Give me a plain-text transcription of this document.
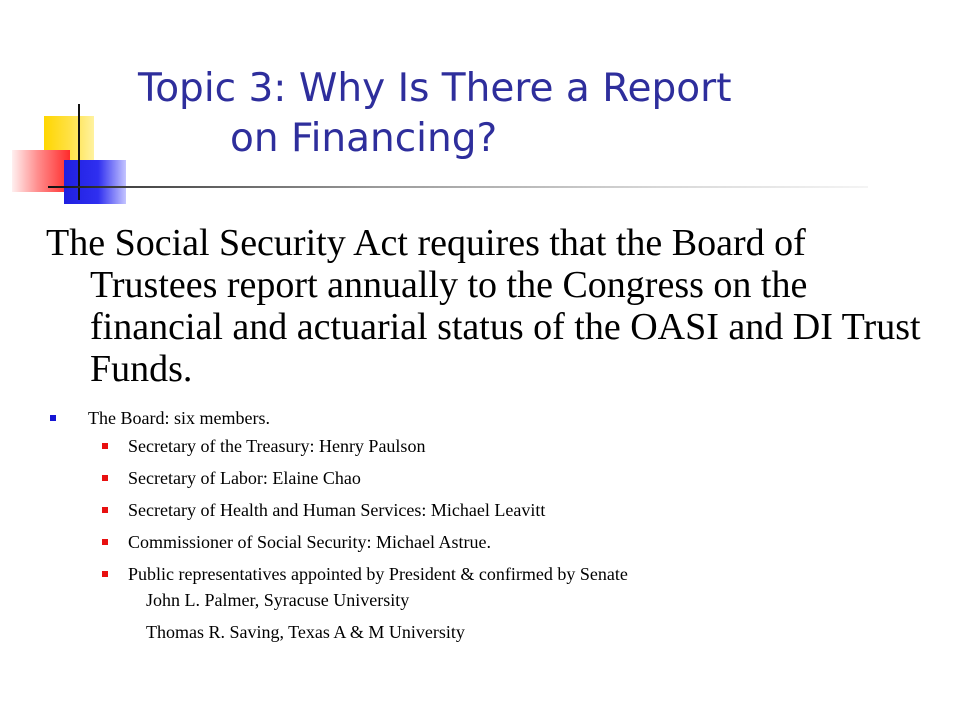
Topic 3: Why Is There a Report
on Financing?

The Social Security Act requires that the Board of Trustees report annually to the Congress on the financial and actuarial status of the OASI and DI Trust Funds.

The Board: six members.
Secretary of the Treasury: Henry Paulson
Secretary of Labor: Elaine Chao
Secretary of Health and Human Services: Michael Leavitt
Commissioner of Social Security: Michael Astrue.
Public representatives appointed by President & confirmed by Senate

John L. Palmer, Syracuse University

Thomas R. Saving, Texas A & M University
